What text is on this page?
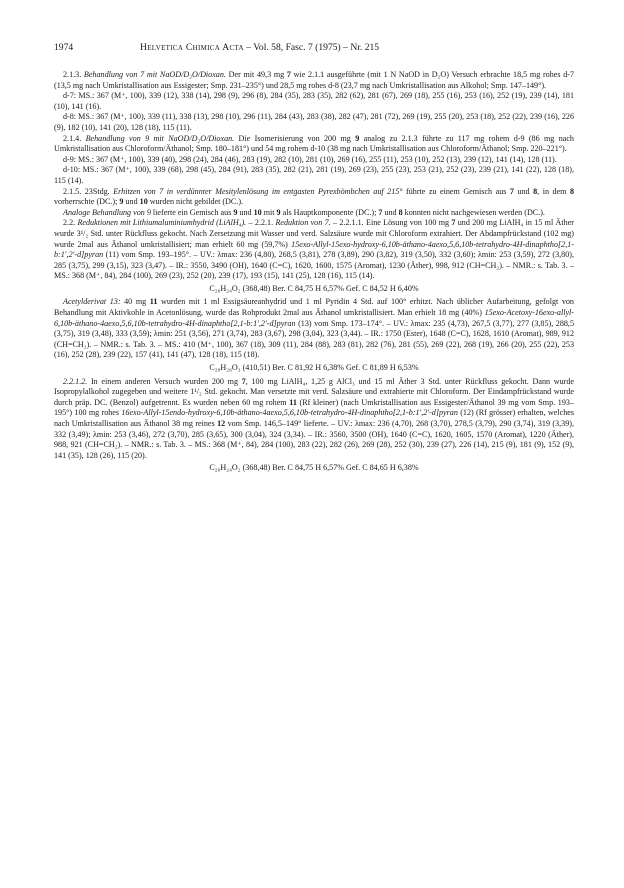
1974	Helvetica Chimica Acta – Vol. 58, Fasc. 7 (1975) – Nr. 215

2.1.3. Behandlung von 7 mit NaOD/D₂O/Dioxan. Der mit 49,3 mg 7 wie 2.1.1 ausgeführte (mit 1 N NaOD in D₂O) Versuch erbrachte 18,5 mg rohes d-7 (13,5 mg nach Umkristallisation aus Essigester; Smp. 231–235°) und 28,5 mg rohes d-8 (23,7 mg nach Umkristallisation aus Alkohol; Smp. 147–149°).

d-7: MS.: 367 (M⁺, 100), 339 (12), 338 (14), 298 (9), 296 (8), 284 (35), 283 (35), 282 (62), 281 (67), 269 (18), 255 (16), 253 (16), 252 (19), 239 (14), 181 (10), 141 (16).

d-8: MS.: 367 (M⁺, 100), 339 (11), 338 (13), 298 (10), 296 (11), 284 (43), 283 (38), 282 (47), 281 (72), 269 (19), 255 (20), 253 (18), 252 (22), 239 (16), 226 (9), 182 (10), 141 (20), 128 (18), 115 (11).

2.1.4. Behandlung von 9 mit NaOD/D₂O/Dioxan. Die Isomerisierung von 200 mg 9 analog zu 2.1.3 führte zu 117 mg rohem d-9 (86 mg nach Umkristallisation aus Chloroform/Äthanol; Smp. 180–181°) und 54 mg rohem d-10 (38 mg nach Umkristallisation aus Chloroform/Äthanol; Smp. 220–221°).

d-9: MS.: 367 (M⁺, 100), 339 (40), 298 (24), 284 (46), 283 (19), 282 (10), 281 (10), 269 (16), 255 (11), 253 (10), 252 (13), 239 (12), 141 (14), 128 (11).

d-10: MS.: 367 (M⁺, 100), 339 (68), 298 (45), 284 (91), 283 (35), 282 (21), 281 (19), 269 (23), 255 (23), 253 (21), 252 (23), 239 (21), 141 (22), 128 (18), 115 (14).

2.1.5. 23Stdg. Erhitzen von 7 in verdünnter Mesitylenlösung im entgasten Pyrexbömbchen auf 215° führte zu einem Gemisch aus 7 und 8, in dem 8 vorherrschte (DC.); 9 und 10 wurden nicht gebildet (DC.).

Analoge Behandlung von 9 lieferte ein Gemisch aus 9 und 10 mit 9 als Hauptkomponente (DC.); 7 und 8 konnten nicht nachgewiesen werden (DC.).

2.2. Reduktionen mit Lithiumaluminiumhydrid (LiAlH₄). – 2.2.1. Reduktion von 7. – 2.2.1.1. Eine Lösung von 100 mg 7 und 200 mg LiAlH₄ in 15 ml Äther wurde 3¹/₂ Std. unter Rückfluss gekocht. Nach Zersetzung mit Wasser und verd. Salzsäure wurde mit Chloroform extrahiert. Der Abdampfrückstand (102 mg) wurde 2mal aus Äthanol umkristallisiert; man erhielt 60 mg (59,7%) 15exo-Allyl-15exo-hydroxy-6,10b-äthano-4aexo,5,6,10b-tetrahydro-4H-dinaphtho[2,1-b:1′,2′-d]pyran (11) vom Smp. 193–195°. – UV.: λmax: 236 (4,80), 268,5 (3,81), 278 (3,89), 290 (3,82), 319 (3,50), 332 (3,60); λmin: 253 (3,59), 272 (3,80), 285 (3,75), 299 (3,15), 323 (3,47). – IR.: 3550, 3490 (OH), 1640 (C=C), 1620, 1600, 1575 (Aromat), 1230 (Äther), 998, 912 (CH=CH₂). – NMR.: s. Tab. 3. – MS.: 368 (M⁺, 84), 284 (100), 269 (23), 252 (20), 239 (17), 193 (15), 141 (25), 128 (16), 115 (14).

C₂₆H₂₄O₂ (368,48) Ber. C 84,75 H 6,57% Gef. C 84,52 H 6,40%

Acetylderivat 13: 40 mg 11 wurden mit 1 ml Essigsäureanhydrid und 1 ml Pyridin 4 Std. auf 100° erhitzt. Nach üblicher Aufarbeitung, gefolgt von Behandlung mit Aktivkohle in Acetonlösung, wurde das Rohprodukt 2mal aus Äthanol umkristallisiert. Man erhielt 18 mg (40%) 15exo-Acetoxy-16exo-allyl-6,10b-äthano-4aexo,5,6,10b-tetrahydro-4H-dinaphtho[2,1-b:1′,2′-d]pyran (13) vom Smp. 173–174°. – UV.: λmax: 235 (4,73), 267,5 (3,77), 277 (3,85), 288,5 (3,75), 319 (3,48), 333 (3,59); λmin: 251 (3,56), 271 (3,74), 283 (3,67), 298 (3,04), 323 (3,44). – IR.: 1750 (Ester), 1648 (C=C), 1628, 1610 (Aromat), 989, 912 (CH=CH₂). – NMR.: s. Tab. 3. – MS.: 410 (M⁺, 100), 367 (18), 309 (11), 284 (88), 283 (81), 282 (76), 281 (55), 269 (22), 268 (19), 266 (20), 255 (22), 253 (16), 252 (28), 239 (22), 157 (41), 141 (47), 128 (18), 115 (18).

C₂₈H₂₆O₃ (410,51) Ber. C 81,92 H 6,38% Gef. C 81,89 H 6,53%

2.2.1.2. In einem anderen Versuch wurden 200 mg 7, 100 mg LiAlH₄, 1,25 g AlCl₃ und 15 ml Äther 3 Std. unter Rückfluss gekocht. Dann wurde Isopropylalkohol zugegeben und weitere 1¹/₂ Std. gekocht. Man versetzte mit verd. Salzsäure und extrahierte mit Chloroform. Der Eindampfrückstand wurde durch präp. DC. (Benzol) aufgetrennt. Es wurden neben 60 mg rohem 11 (Rf kleiner) (nach Umkristallisation aus Essigester/Äthanol 39 mg vom Smp. 193–195°) 100 mg rohes 16exo-Allyl-15endo-hydroxy-6,10b-äthano-4aexo,5,6,10b-tetrahydro-4H-dinaphtho[2,1-b:1′,2′-d]pyran (12) (Rf grösser) erhalten, welches nach Umkristallisation aus Äthanol 38 mg reines 12 vom Smp. 146,5–149° lieferte. – UV.: λmax: 236 (4,70), 268 (3,70), 278,5 (3,79), 290 (3,74), 319 (3,39), 332 (3,49); λmin: 253 (3,46), 272 (3,70), 285 (3,65), 300 (3,04), 324 (3,34). – IR.: 3560, 3500 (OH), 1640 (C=C), 1620, 1605, 1570 (Aromat), 1220 (Äther), 988, 921 (CH=CH₂). – NMR.: s. Tab. 3. – MS.: 368 (M⁺, 84), 284 (100), 283 (22), 282 (26), 269 (28), 252 (30), 239 (27), 226 (14), 215 (9), 181 (9), 152 (9), 141 (35), 128 (26), 115 (20).

C₂₆H₂₄O₂ (368,48) Ber. C 84,75 H 6,57% Gef. C 84,65 H 6,38%
